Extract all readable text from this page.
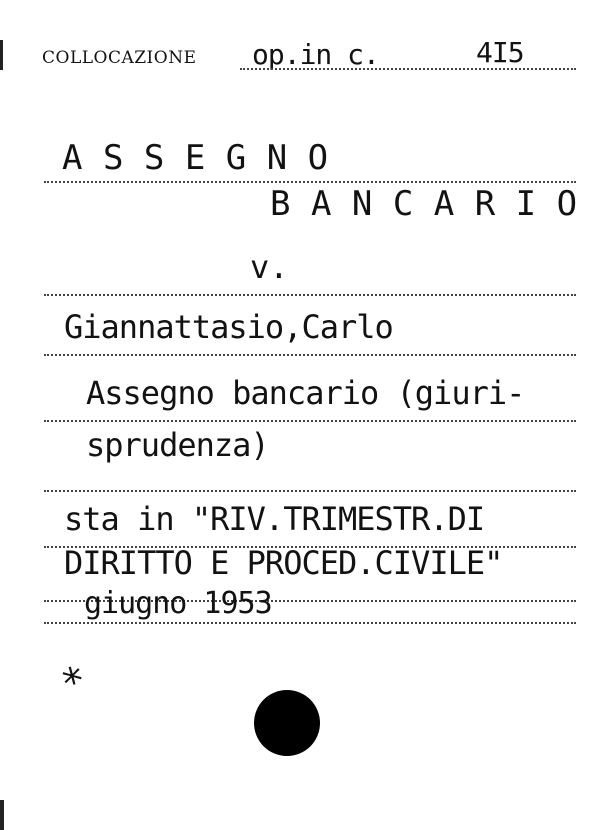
COLLOCAZIONE op.in c.	4I5
A S S E G N O
B A N C A R I O
v.
Giannattasio,Carlo
Assegno bancario (giuri-
sprudenza)
sta in "RIV.TRIMESTR.DI
DIRITTO E PROCED.CIVILE"
giugno 1953
*
